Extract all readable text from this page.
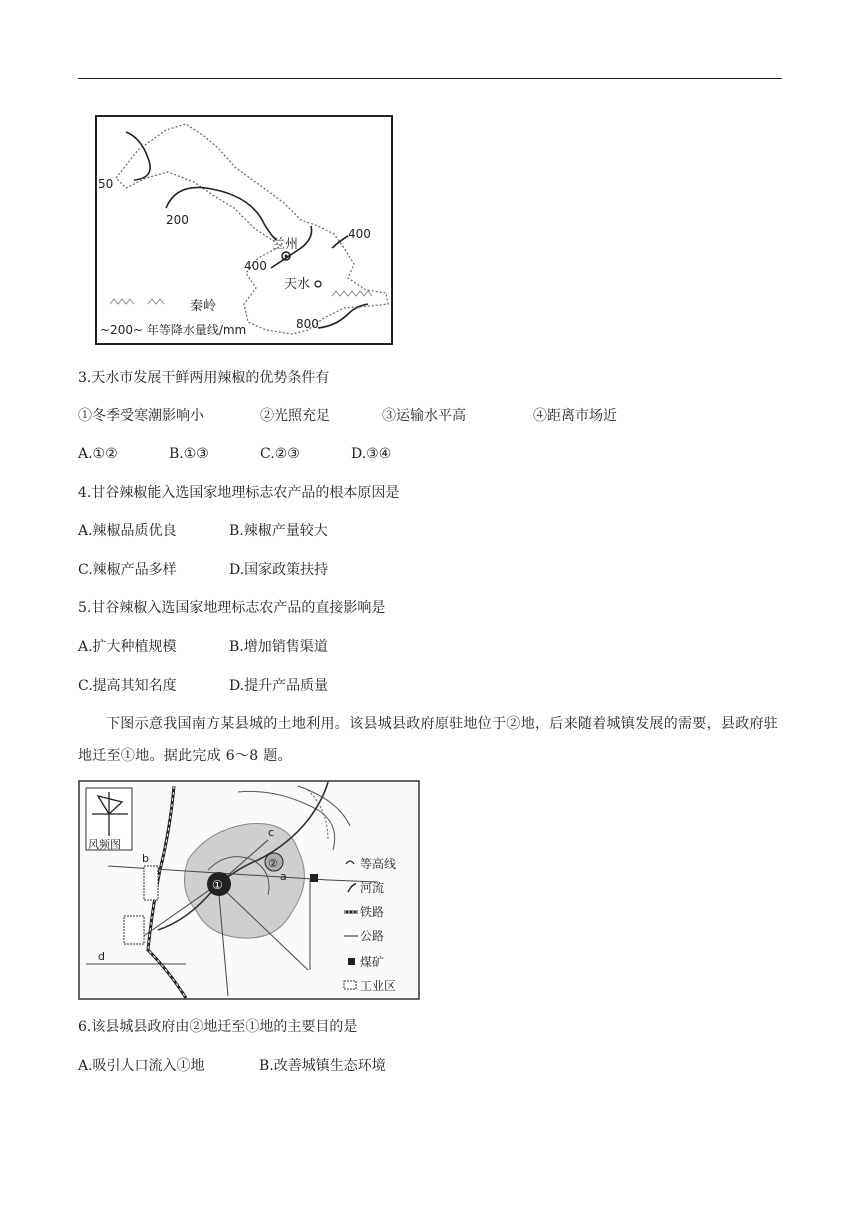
50
200
400
400
800
兰州
天水
秦岭
~200~ 年等降水量线/mm
3.天水市发展干鲜两用辣椒的优势条件有
①冬季受寒潮影响小	②光照充足	③运输水平高	④距离市场近
A.①②	B.①③	C.②③	D.③④
4.甘谷辣椒能入选国家地理标志农产品的根本原因是
A.辣椒品质优良	B.辣椒产量较大
C.辣椒产品多样	D.国家政策扶持
5.甘谷辣椒入选国家地理标志农产品的直接影响是
A.扩大种植规模	B.增加销售渠道
C.提高其知名度	D.提升产品质量

下图示意我国南方某县城的土地利用。该县城县政府原驻地位于②地，后来随着城镇发展的需要，县政府驻地迁至①地。据此完成 6～8 题。

风频图
①
②
a
b
c
d
等高线
河流
铁路
公路
煤矿
工业区
6.该县城县政府由②地迁至①地的主要目的是
A.吸引人口流入①地	B.改善城镇生态环境
